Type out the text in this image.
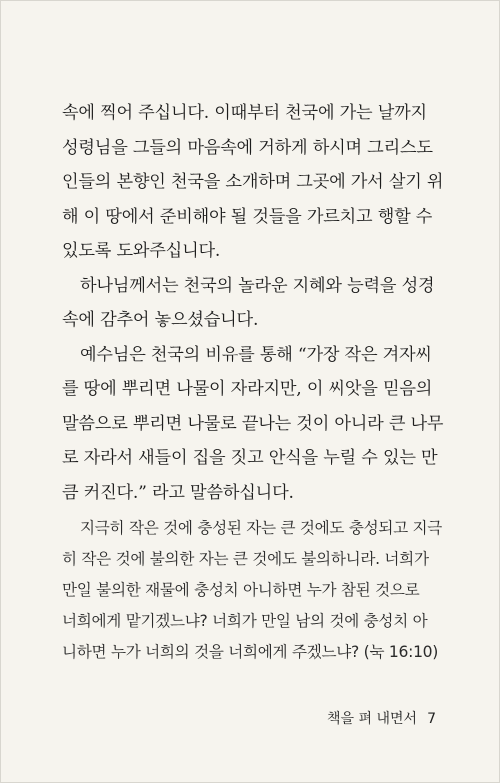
속에 찍어 주십니다. 이때부터 천국에 가는 날까지
성령님을 그들의 마음속에 거하게 하시며 그리스도
인들의 본향인 천국을 소개하며 그곳에 가서 살기 위
해 이 땅에서 준비해야 될 것들을 가르치고 행할 수
있도록 도와주십니다.

하나님께서는 천국의 놀라운 지혜와 능력을 성경
속에 감추어 놓으셨습니다.

예수님은 천국의 비유를 통해 “가장 작은 겨자씨
를 땅에 뿌리면 나물이 자라지만, 이 씨앗을 믿음의
말씀으로 뿌리면 나물로 끝나는 것이 아니라 큰 나무
로 자라서 새들이 집을 짓고 안식을 누릴 수 있는 만
큼 커진다.” 라고 말씀하십니다.

지극히 작은 것에 충성된 자는 큰 것에도 충성되고 지극
히 작은 것에 불의한 자는 큰 것에도 불의하니라. 너희가
만일 불의한 재물에 충성치 아니하면 누가 참된 것으로
너희에게 맡기겠느냐? 너희가 만일 남의 것에 충성치 아
니하면 누가 너희의 것을 너희에게 주겠느냐? (눅 16:10)
책을 펴 내면서 7
